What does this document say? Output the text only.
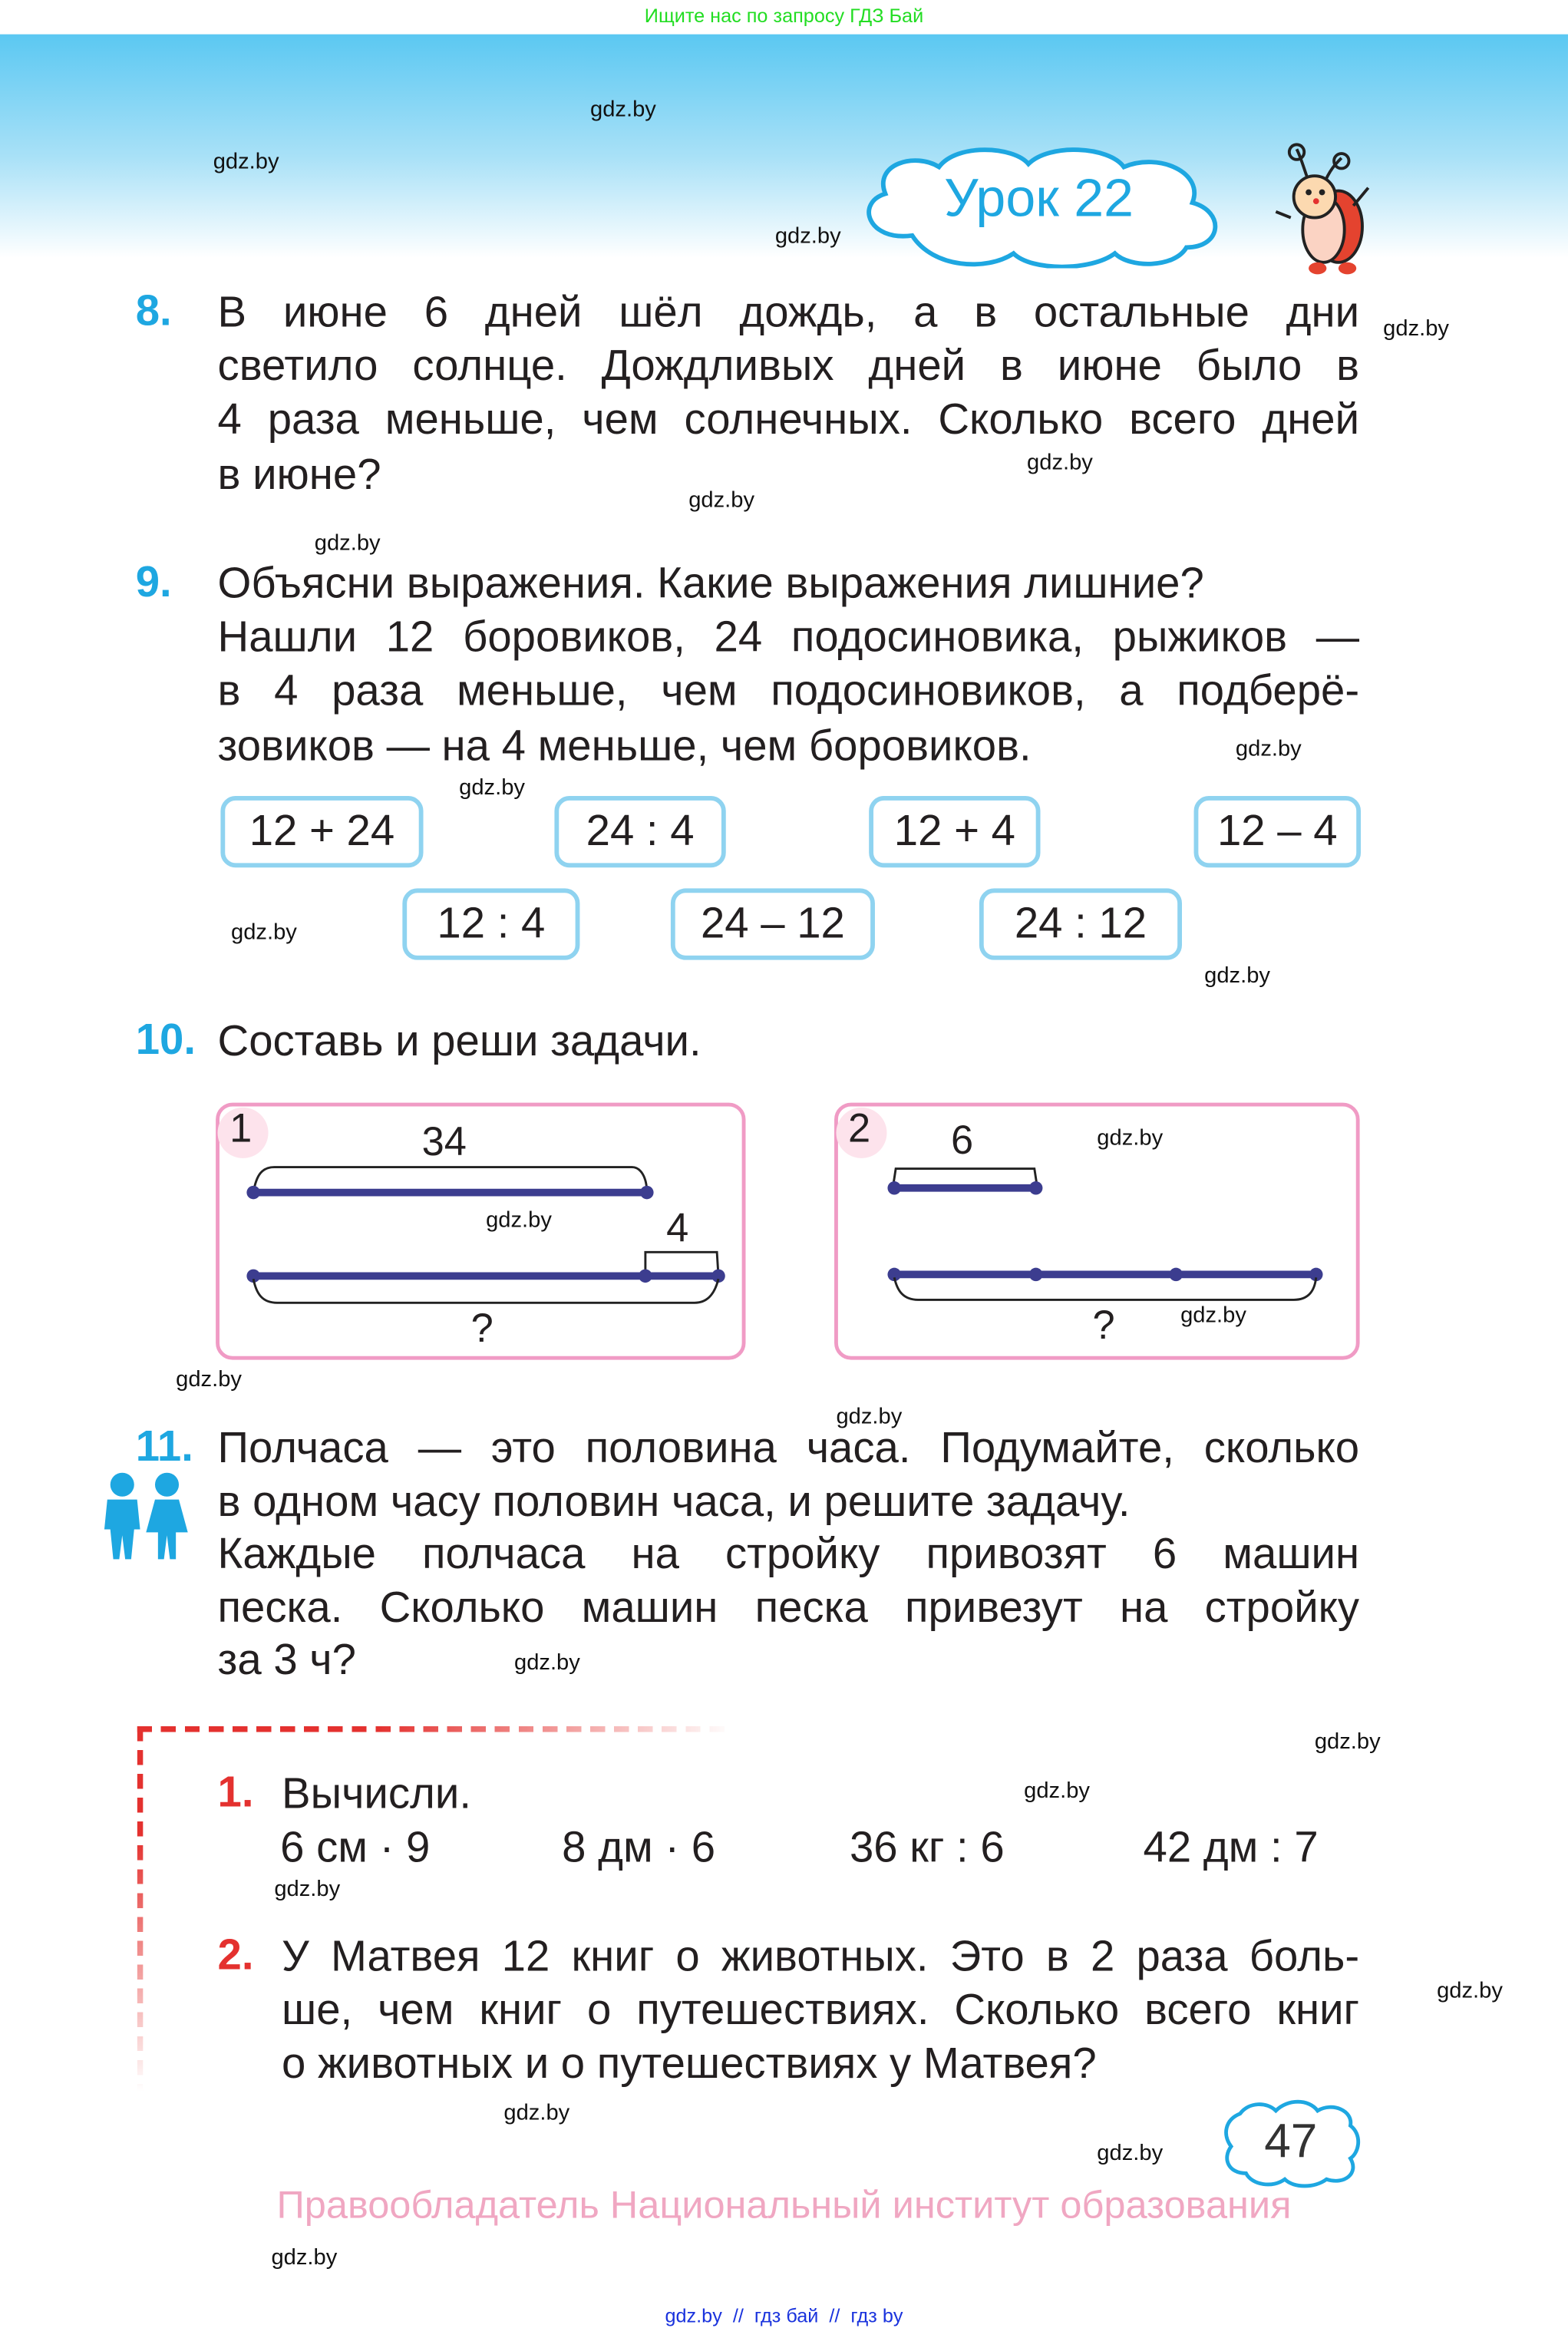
Ищите нас по запросу ГДЗ Бай
Урок 22
8. В июне 6 дней шёл дождь, а в остальные дни
светило солнце. Дождливых дней в июне было в
4 раза меньше, чем солнечных. Сколько всего дней
в июне?
9. Объясни выражения. Какие выражения лишние?
Нашли 12 боровиков, 24 подосиновика, рыжиков —
в 4 раза меньше, чем подосиновиков, а подберё-
зовиков — на 4 меньше, чем боровиков.
12 + 24	24 : 4	12 + 4	12 – 4
12 : 4	24 – 12	24 : 12
10. Составь и реши задачи.
1	34
4
?
2	6
?
11. Полчаса — это половина часа. Подумайте, сколько
в одном часу половин часа, и решите задачу.
Каждые полчаса на стройку привозят 6 машин
песка. Сколько машин песка привезут на стройку
за 3 ч?
1. Вычисли.
6 см · 9	8 дм · 6	36 кг : 6	42 дм : 7
2. У Матвея 12 книг о животных. Это в 2 раза боль-
ше, чем книг о путешествиях. Сколько всего книг
о животных и о путешествиях у Матвея?
47
Правообладатель Национальный институт образования
gdz.by  //  гдз бай  //  гдз by
gdz.by
gdz.by
gdz.by
gdz.by
gdz.by
gdz.by
gdz.by
gdz.by
gdz.by
gdz.by
gdz.by
gdz.by
gdz.by
gdz.by
gdz.by
gdz.by
gdz.by
gdz.by
gdz.by
gdz.by
gdz.by
gdz.by
gdz.by
gdz.by
